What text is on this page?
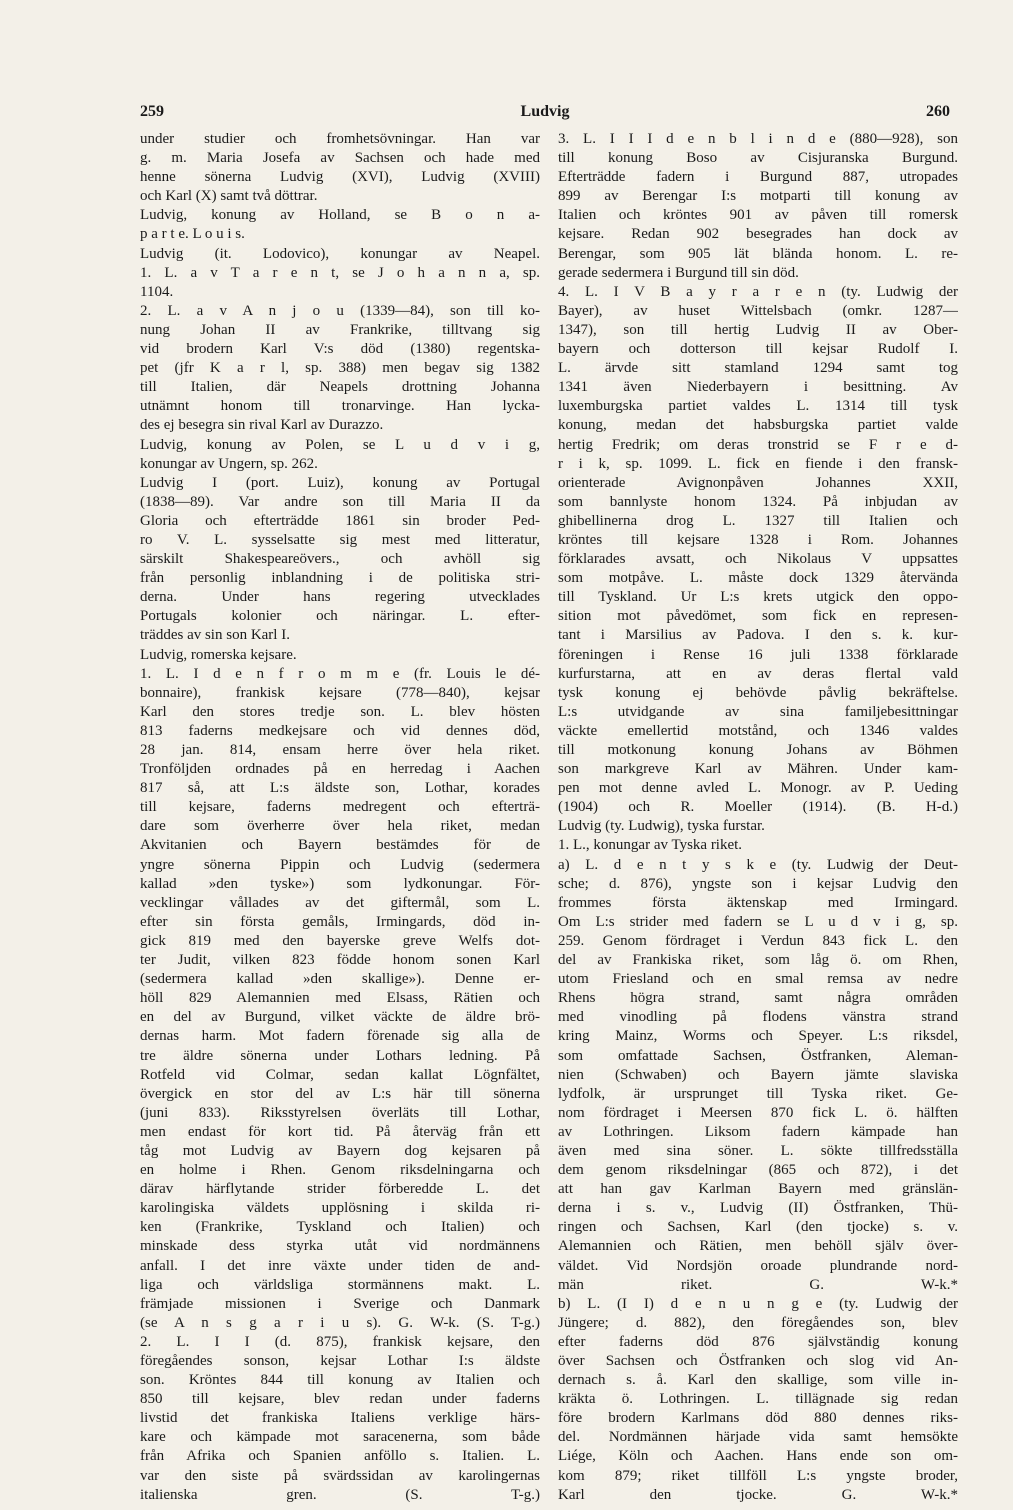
259	Ludvig	260

under studier och fromhetsövningar. Han var

g. m. Maria Josefa av Sachsen och hade med

henne sönerna Ludvig (XVI), Ludvig (XVIII)

och Karl (X) samt två döttrar.

Ludvig, konung av Holland, se B o n a-

p a r t e. L o u i s.

Ludvig (it. Lodovico), konungar av Neapel.

1. L. a v T a r e n t, se J o h a n n a, sp.

1104.

2. L. a v A n j o u (1339—84), son till ko-

nung Johan II av Frankrike, tilltvang sig

vid brodern Karl V:s död (1380) regentska-

pet (jfr K a r l, sp. 388) men begav sig 1382

till Italien, där Neapels drottning Johanna

utnämnt honom till tronarvinge. Han lycka-

des ej besegra sin rival Karl av Durazzo.

Ludvig, konung av Polen, se L u d v i g,

konungar av Ungern, sp. 262.

Ludvig I (port. Luiz), konung av Portugal

(1838—89). Var andre son till Maria II da

Gloria och efterträdde 1861 sin broder Ped-

ro V. L. sysselsatte sig mest med litteratur,

särskilt Shakespeareövers., och avhöll sig

från personlig inblandning i de politiska stri-

derna. Under hans regering utvecklades

Portugals kolonier och näringar. L. efter-

träddes av sin son Karl I.

Ludvig, romerska kejsare.

1. L. I d e n f r o m m e (fr. Louis le dé-

bonnaire), frankisk kejsare (778—840), kejsar

Karl den stores tredje son. L. blev hösten

813 faderns medkejsare och vid dennes död,

28 jan. 814, ensam herre över hela riket.

Tronföljden ordnades på en herredag i Aachen

817 så, att L:s äldste son, Lothar, korades

till kejsare, faderns medregent och efterträ-

dare som överherre över hela riket, medan

Akvitanien och Bayern bestämdes för de

yngre sönerna Pippin och Ludvig (sedermera

kallad »den tyske») som lydkonungar. För-

vecklingar vållades av det giftermål, som L.

efter sin första gemåls, Irmingards, död in-

gick 819 med den bayerske greve Welfs dot-

ter Judit, vilken 823 födde honom sonen Karl

(sedermera kallad »den skallige»). Denne er-

höll 829 Alemannien med Elsass, Rätien och

en del av Burgund, vilket väckte de äldre brö-

dernas harm. Mot fadern förenade sig alla de

tre äldre sönerna under Lothars ledning. På

Rotfeld vid Colmar, sedan kallat Lögnfältet,

övergick en stor del av L:s här till sönerna

(juni 833). Riksstyrelsen överläts till Lothar,

men endast för kort tid. På återväg från ett

tåg mot Ludvig av Bayern dog kejsaren på

en holme i Rhen. Genom riksdelningarna och

därav härflytande strider förberedde L. det

karolingiska väldets upplösning i skilda ri-

ken (Frankrike, Tyskland och Italien) och

minskade dess styrka utåt vid nordmännens

anfall. I det inre växte under tiden de and-

liga och världsliga stormännens makt. L.

främjade missionen i Sverige och Danmark

(se A n s g a r i u s). G. W-k. (S. T-g.)

2. L. I I (d. 875), frankisk kejsare, den

föregåendes sonson, kejsar Lothar I:s äldste

son. Kröntes 844 till konung av Italien och

850 till kejsare, blev redan under faderns

livstid det frankiska Italiens verklige härs-

kare och kämpade mot saracenerna, som både

från Afrika och Spanien anföllo s. Italien. L.

var den siste på svärdssidan av karolingernas

italienska gren. (S. T-g.)

3. L. I I I d e n b l i n d e (880—928), son

till konung Boso av Cisjuranska Burgund.

Efterträdde fadern i Burgund 887, utropades

899 av Berengar I:s motparti till konung av

Italien och kröntes 901 av påven till romersk

kejsare. Redan 902 besegrades han dock av

Berengar, som 905 lät blända honom. L. re-

gerade sedermera i Burgund till sin död.

4. L. I V B a y r a r e n (ty. Ludwig der

Bayer), av huset Wittelsbach (omkr. 1287—

1347), son till hertig Ludvig II av Ober-

bayern och dotterson till kejsar Rudolf I.

L. ärvde sitt stamland 1294 samt tog

1341 även Niederbayern i besittning. Av

luxemburgska partiet valdes L. 1314 till tysk

konung, medan det habsburgska partiet valde

hertig Fredrik; om deras tronstrid se F r e d-

r i k, sp. 1099. L. fick en fiende i den fransk-

orienterade Avignonpåven Johannes XXII,

som bannlyste honom 1324. På inbjudan av

ghibellinerna drog L. 1327 till Italien och

kröntes till kejsare 1328 i Rom. Johannes

förklarades avsatt, och Nikolaus V uppsattes

som motpåve. L. måste dock 1329 återvända

till Tyskland. Ur L:s krets utgick den oppo-

sition mot påvedömet, som fick en represen-

tant i Marsilius av Padova. I den s. k. kur-

föreningen i Rense 16 juli 1338 förklarade

kurfurstarna, att en av deras flertal vald

tysk konung ej behövde påvlig bekräftelse.

L:s utvidgande av sina familjebesittningar

väckte emellertid motstånd, och 1346 valdes

till motkonung konung Johans av Böhmen

son markgreve Karl av Mähren. Under kam-

pen mot denne avled L. Monogr. av P. Ueding

(1904) och R. Moeller (1914). (B. H-d.)

Ludvig (ty. Ludwig), tyska furstar.

1. L., konungar av Tyska riket.

a) L. d e n t y s k e (ty. Ludwig der Deut-

sche; d. 876), yngste son i kejsar Ludvig den

frommes första äktenskap med Irmingard.

Om L:s strider med fadern se L u d v i g, sp.

259. Genom fördraget i Verdun 843 fick L. den

del av Frankiska riket, som låg ö. om Rhen,

utom Friesland och en smal remsa av nedre

Rhens högra strand, samt några områden

med vinodling på flodens vänstra strand

kring Mainz, Worms och Speyer. L:s riksdel,

som omfattade Sachsen, Östfranken, Aleman-

nien (Schwaben) och Bayern jämte slaviska

lydfolk, är ursprunget till Tyska riket. Ge-

nom fördraget i Meersen 870 fick L. ö. hälften

av Lothringen. Liksom fadern kämpade han

även med sina söner. L. sökte tillfredsställa

dem genom riksdelningar (865 och 872), i det

att han gav Karlman Bayern med gränslän-

derna i s. v., Ludvig (II) Östfranken, Thü-

ringen och Sachsen, Karl (den tjocke) s. v.

Alemannien och Rätien, men behöll själv över-

väldet. Vid Nordsjön oroade plundrande nord-

män riket. G. W-k.*

b) L. (I I) d e n u n g e (ty. Ludwig der

Jüngere; d. 882), den föregåendes son, blev

efter faderns död 876 självständig konung

över Sachsen och Östfranken och slog vid An-

dernach s. å. Karl den skallige, som ville in-

kräkta ö. Lothringen. L. tillägnade sig redan

före brodern Karlmans död 880 dennes riks-

del. Nordmännen härjade vida samt hemsökte

Liége, Köln och Aachen. Hans ende son om-

kom 879; riket tillföll L:s yngste broder,

Karl den tjocke. G. W-k.*
